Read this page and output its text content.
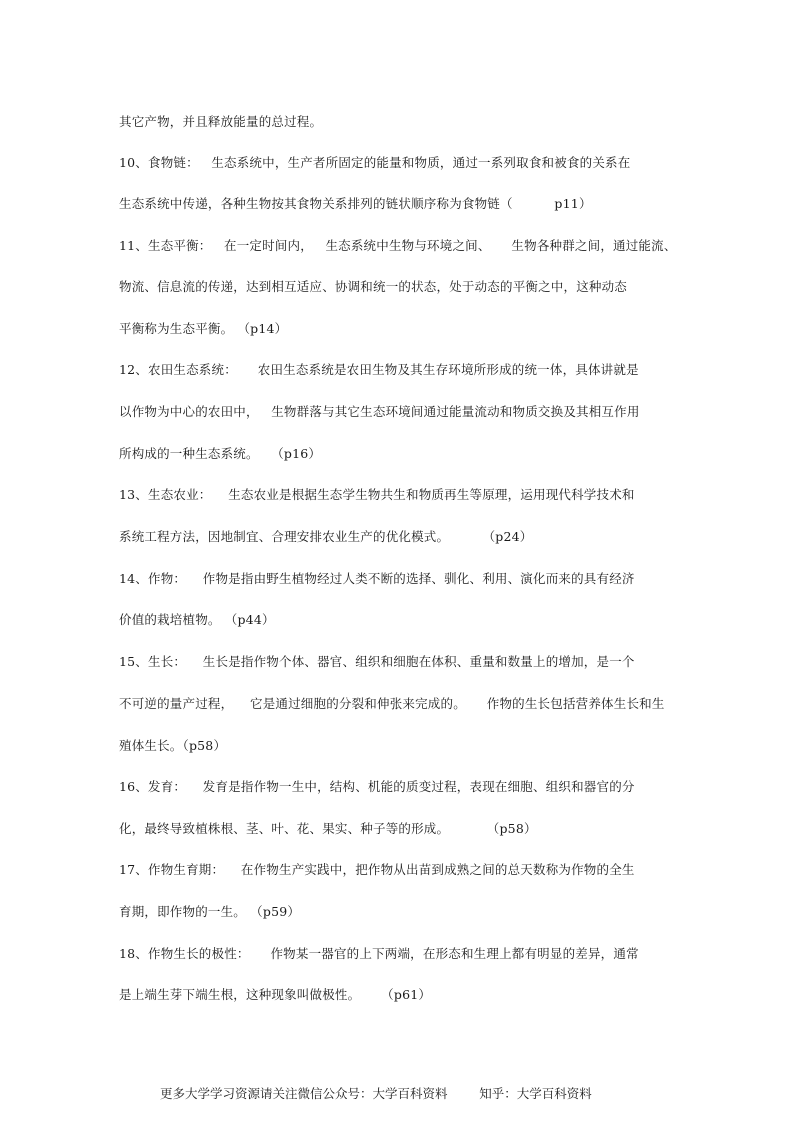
其它产物，并且释放能量的总过程。
10、食物链：   生态系统中，生产者所固定的能量和物质，通过一系列取食和被食的关系在
生态系统中传递，各种生物按其食物关系排列的链状顺序称为食物链（          p11）
11、生态平衡：   在一定时间内，   生态系统中生物与环境之间、     生物各种群之间，通过能流、
物流、信息流的传递，达到相互适应、协调和统一的状态，处于动态的平衡之中，这种动态
平衡称为生态平衡。 （p14）
12、农田生态系统：     农田生态系统是农田生物及其生存环境所形成的统一体，具体讲就是
以作物为中心的农田中，   生物群落与其它生态环境间通过能量流动和物质交换及其相互作用
所构成的一种生态系统。   （p16）
13、生态农业：    生态农业是根据生态学生物共生和物质再生等原理，运用现代科学技术和
系统工程方法，因地制宜、合理安排农业生产的优化模式。        （p24）
14、作物：    作物是指由野生植物经过人类不断的选择、驯化、利用、演化而来的具有经济
价值的栽培植物。 （p44）
15、生长：    生长是指作物个体、器官、组织和细胞在体积、重量和数量上的增加，是一个
不可逆的量产过程，    它是通过细胞的分裂和伸张来完成的。     作物的生长包括营养体生长和生
殖体生长。（p58）
16、发育：    发育是指作物一生中，结构、机能的质变过程，表现在细胞、组织和器官的分
化，最终导致植株根、茎、叶、花、果实、种子等的形成。         （p58）
17、作物生育期：    在作物生产实践中，把作物从出苗到成熟之间的总天数称为作物的全生
育期，即作物的一生。 （p59）
18、作物生长的极性：     作物某一器官的上下两端，在形态和生理上都有明显的差异，通常
是上端生芽下端生根，这种现象叫做极性。     （p61）
更多大学学习资源请关注微信公众号：大学百科资料        知乎：大学百科资料
